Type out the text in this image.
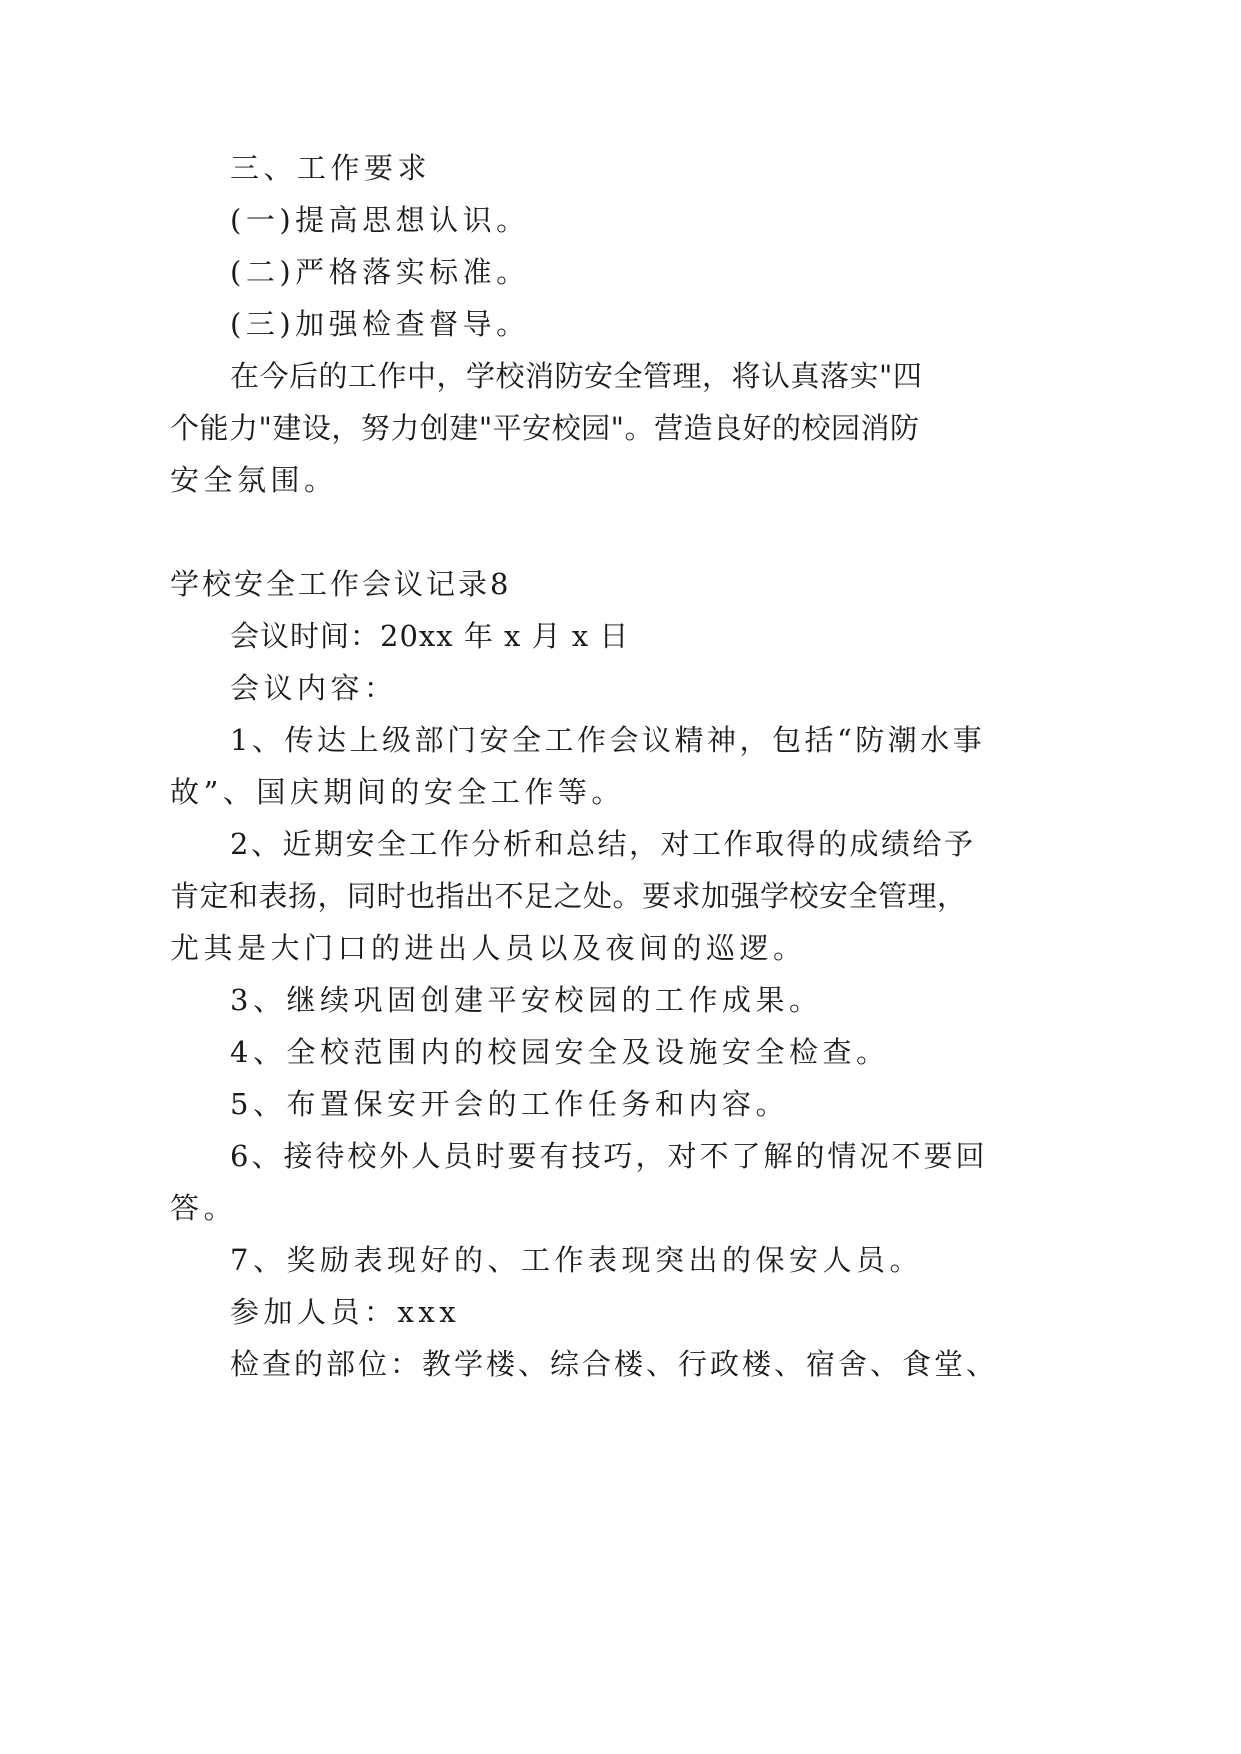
三、工作要求
(一)提高思想认识。
(二)严格落实标准。
(三)加强检查督导。
在今后的工作中，学校消防安全管理，将认真落实"四
个能力"建设，努力创建"平安校园"。营造良好的校园消防
安全氛围。
学校安全工作会议记录8
会议时间：20xx 年 x 月 x 日
会议内容：
1、传达上级部门安全工作会议精神，包括“防潮水事
故”、国庆期间的安全工作等。
2、近期安全工作分析和总结，对工作取得的成绩给予
肯定和表扬，同时也指出不足之处。要求加强学校安全管理，
尤其是大门口的进出人员以及夜间的巡逻。
3、继续巩固创建平安校园的工作成果。
4、全校范围内的校园安全及设施安全检查。
5、布置保安开会的工作任务和内容。
6、接待校外人员时要有技巧，对不了解的情况不要回
答。
7、奖励表现好的、工作表现突出的保安人员。
参加人员：xxx
检查的部位：教学楼、综合楼、行政楼、宿舍、食堂、
